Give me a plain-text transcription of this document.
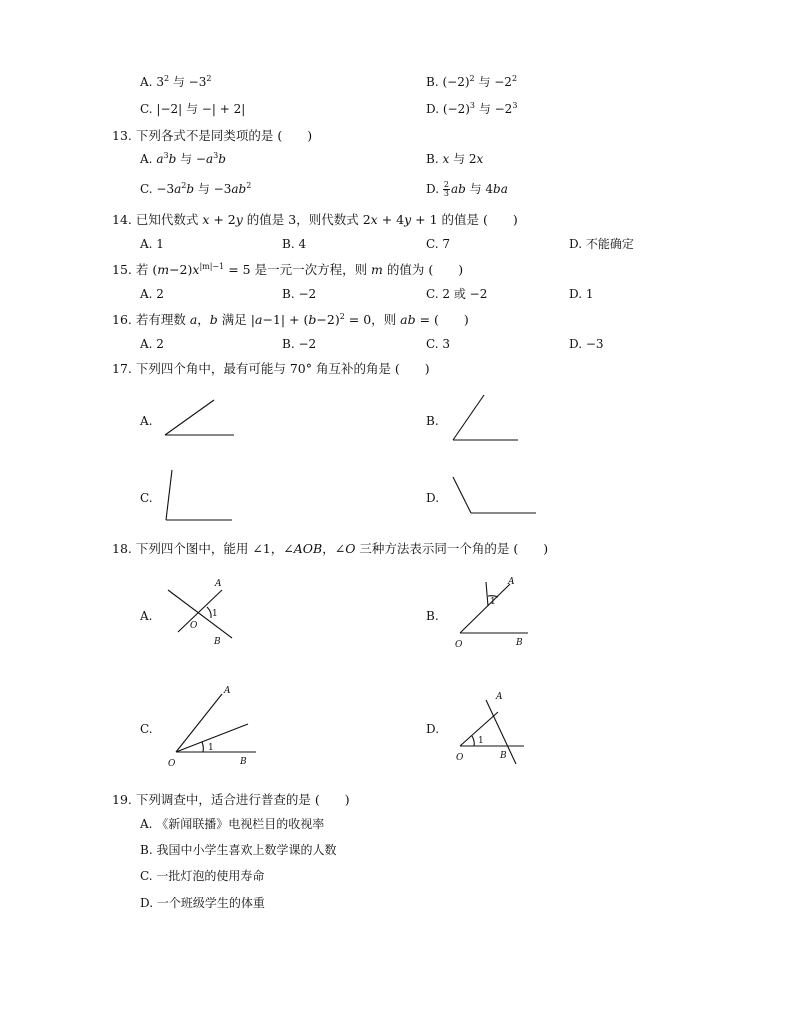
A. $3^2$ 与 $-3^2$	B. $(-2)^2$ 与 $-2^2$
C. |−2| 与 −| + 2|	D. $(-2)^3$ 与 $-2^3$
13. 下列各式不是同类项的是 (　　)
A. $a^3b$ 与 $-a^3b$	B. x 与 2x
C. $-3a^2b$ 与 $-3ab^2$	D. $\frac{2}{3}$ ab 与 4ba
14. 已知代数式 x + 2y 的值是 3，则代数式 2x + 4y + 1 的值是 (　　)
A. 1	B. 4	C. 7	D. 不能确定
15. 若 $(m-2)x^{|m|-1} = 5$ 是一元一次方程，则 m 的值为 (　　)
A. 2	B. −2	C. 2 或 −2	D. 1
16. 若有理数 a，b 满足 $|a-1| + (b-2)^2 = 0$，则 ab = (　　)
A. 2	B. −2	C. 3	D. −3
17. 下列四个角中，最有可能与 70° 角互补的角是 (　　)
A.	B.
C.	D.
18. 下列四个图中，能用 ∠1，∠AOB，∠O 三种方法表示同一个角的是 (　　)
A.
A
1
O
B
B.
A
1
O	B
C.
A
1
O	B
D.
A
1
O	B
19. 下列调查中，适合进行普查的是 (　　)
A. 《新闻联播》电视栏目的收视率
B. 我国中小学生喜欢上数学课的人数
C. 一批灯泡的使用寿命
D. 一个班级学生的体重
